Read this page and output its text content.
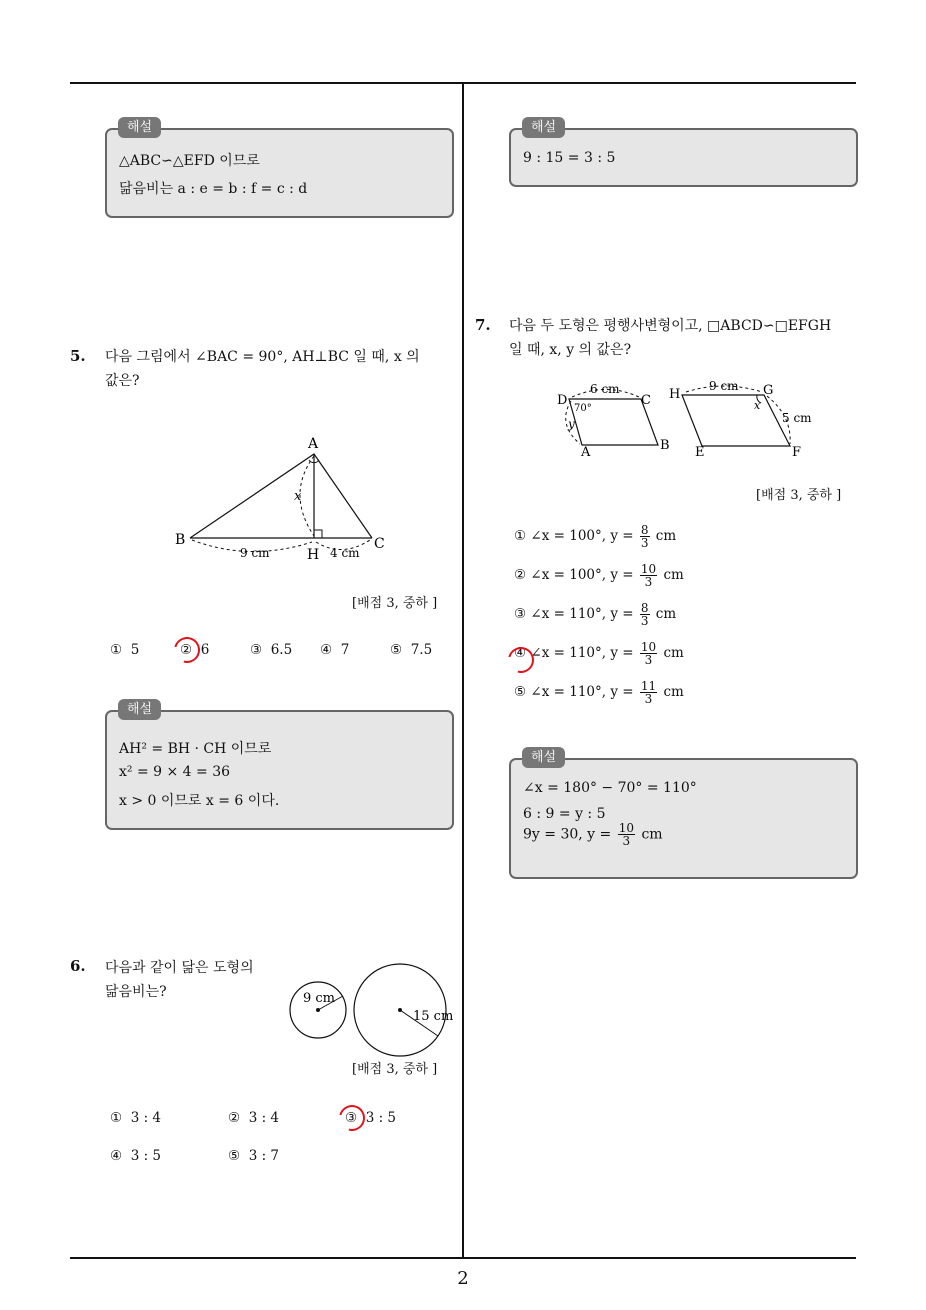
△ABC∽△EFD 이므로
닮음비는 a : e = b : f = c : d
해설
5. 다음 그림에서 ∠BAC = 90°, AH⊥BC 일 때, x 의
값은?
A
B	C
H
x
9 cm	4 cm
[배점 3, 중하 ]
① 5	② 6	③ 6.5 ④ 7	⑤ 7.5
AH² = BH · CH 이므로
x² = 9 × 4 = 36
x > 0 이므로 x = 6 이다.
해설
6. 다음과 같이 닮은 도형의
닮음비는?	9 cm
15 cm
[배점 3, 중하 ]
① 3 : 4	② 3 : 4	③ 3 : 5
④ 3 : 5	⑤ 3 : 7
9 : 15 = 3 : 5
해설
7. 다음 두 도형은 평행사변형이고, □ABCD∽□EFGH
일 때, x, y 의 값은?
D	C
A	B
6 cm
70°
y
H	G
E	F
9 cm
5 cm
x
[배점 3, 중하 ]
① ∠x = 100°, $y = \frac{8}{3}$ cm
② ∠x = 100°, $y = \frac{10}{3}$ cm
③ ∠x = 110°, $y = \frac{8}{3}$ cm
④ ∠x = 110°, $y = \frac{10}{3}$ cm
⑤ ∠x = 110°, $y = \frac{11}{3}$ cm
∠x = 180° − 70° = 110°
6 : 9 = y : 5
9y = 30, $y = \frac{10}{3}$ cm
해설
2
